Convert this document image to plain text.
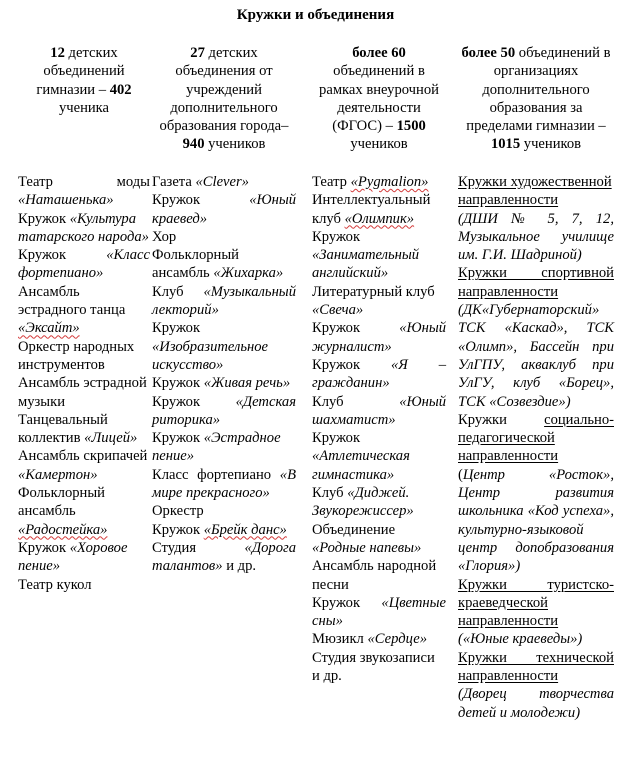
Кружки и объединения
12 детских объединений гимназии – 402 ученика
27 детских объединения от учреждений дополнительного образования города– 940 учеников
более 60 объединений в рамках внеурочной деятельности (ФГОС) – 1500 учеников
более 50 объединений в организациях дополнительного образования за пределами гимназии – 1015 учеников

Театр моды «Наташенька»

Кружок «Культура татарского народа»

Кружок «Класс фортепиано»

Ансамбль эстрадного танца «Эксайт»

Оркестр народных инструментов

Ансамбль эстрадной музыки

Танцевальный коллектив «Лицей»

Ансамбль скрипачей «Камертон»

Фольклорный ансамбль «Радостейка»

Кружок «Хоровое пение»

Театр кукол

Газета «Clever»

Кружок «Юный краевед»

Хор

Фольклорный ансамбль «Жихарка»

Клуб «Музыкальный лекторий»

Кружок «Изобразительное искусство»

Кружок «Живая речь»

Кружок «Детская риторика»

Кружок «Эстрадное пение»

Класс фортепиано «В мире прекрасного»

Оркестр

Кружок «Брейк данс»

Студия «Дорога талантов» и др.

Театр «Pygmalion»

Интеллектуальный клуб «Олимпик»

Кружок «Занимательный английский»

Литературный клуб «Свеча»

Кружок «Юный журналист»

Кружок «Я – гражданин»

Клуб «Юный шахматист»

Кружок «Атлетическая гимнастика»

Клуб «Диджей. Звукорежиссер»

Объединение «Родные напевы»

Ансамбль народной песни

Кружок «Цветные сны»

Мюзикл «Сердце»

Студия звукозаписи и др.

Кружки художественной направленности

(ДШИ № 5, 7, 12, Музыкальное училище им. Г.И. Шадриной)

Кружки спортивной направленности

(ДК«Губернаторский» ТСК «Каскад», ТСК «Олимп», Бассейн при УлГПУ, акваклуб при УлГУ, клуб «Борец», ТСК «Созвездие»)

Кружки социально-педагогической направленности

(Центр «Росток», Центр развития школьника «Код успеха», культурно-языковой центр допобразования «Глория»)

Кружки туристско-краеведческой направленности

(«Юные краеведы»)

Кружки технической направленности

(Дворец творчества детей и молодежи)
